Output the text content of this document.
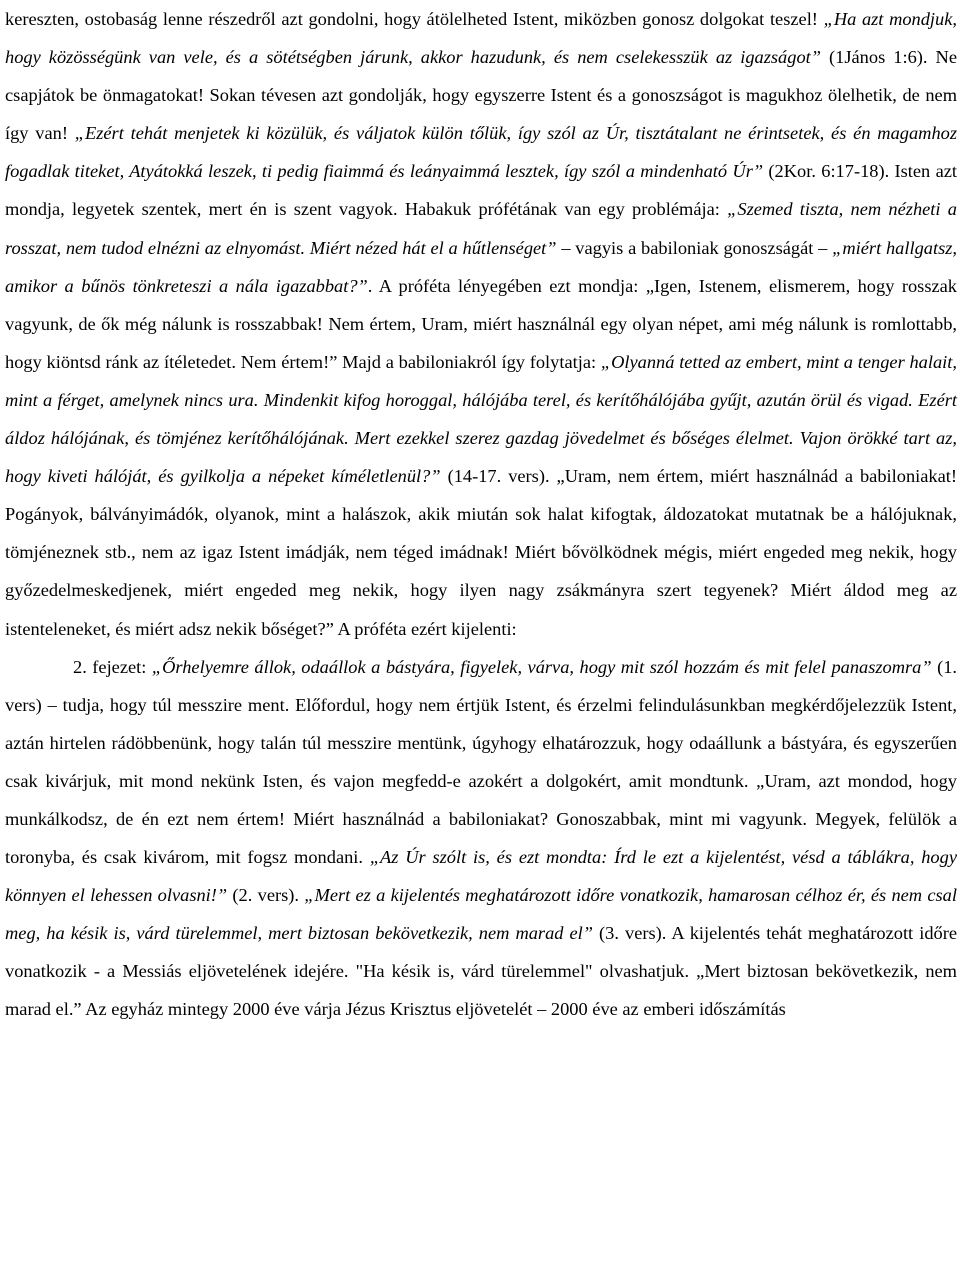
kereszten, ostobaság lenne részedről azt gondolni, hogy átölelheted Istent, miközben gonosz dolgokat teszel! „Ha azt mondjuk, hogy közösségünk van vele, és a sötétségben járunk, akkor hazudunk, és nem cselekesszük az igazságot” (1János 1:6). Ne csapjátok be önmagatokat! Sokan tévesen azt gondolják, hogy egyszerre Istent és a gonoszságot is magukhoz ölelhetik, de nem így van! „Ezért tehát menjetek ki közülük, és váljatok külön tőlük, így szól az Úr, tisztátalant ne érintsetek, és én magamhoz fogadlak titeket, Atyátokká leszek, ti pedig fiaimmá és leányaimmá lesztek, így szól a mindenható Úr” (2Kor. 6:17-18). Isten azt mondja, legyetek szentek, mert én is szent vagyok. Habakuk prófétának van egy problémája: „Szemed tiszta, nem nézheti a rosszat, nem tudod elnézni az elnyomást. Miért nézed hát el a hűtlenséget” – vagyis a babiloniak gonoszságát – „miért hallgatsz, amikor a bűnös tönkreteszi a nála igazabbat?”. A próféta lényegében ezt mondja: „Igen, Istenem, elismerem, hogy rosszak vagyunk, de ők még nálunk is rosszabbak! Nem értem, Uram, miért használnál egy olyan népet, ami még nálunk is romlottabb, hogy kiöntsd ránk az ítéletedet. Nem értem!” Majd a babiloniakról így folytatja: „Olyanná tetted az embert, mint a tenger halait, mint a férget, amelynek nincs ura. Mindenkit kifog horoggal, hálójába terel, és kerítőhálójába gyűjt, azután örül és vigad. Ezért áldoz hálójának, és tömjénez kerítőhálójának. Mert ezekkel szerez gazdag jövedelmet és bőséges élelmet. Vajon örökké tart az, hogy kiveti hálóját, és gyilkolja a népeket kíméletlenül?” (14-17. vers). „Uram, nem értem, miért használnád a babiloniakat! Pogányok, bálványimádók, olyanok, mint a halászok, akik miután sok halat kifogtak, áldozatokat mutatnak be a hálójuknak, tömjéneznek stb., nem az igaz Istent imádják, nem téged imádnak! Miért bővölködnek mégis, miért engeded meg nekik, hogy győzedelmeskedjenek, miért engeded meg nekik, hogy ilyen nagy zsákmányra szert tegyenek? Miért áldod meg az istenteleneket, és miért adsz nekik bőséget?” A próféta ezért kijelenti:

2. fejezet: „Őrhelyemre állok, odaállok a bástyára, figyelek, várva, hogy mit szól hozzám és mit felel panaszomra” (1. vers) – tudja, hogy túl messzire ment. Előfordul, hogy nem értjük Istent, és érzelmi felindulásunkban megkérdőjelezzük Istent, aztán hirtelen rádöbbenünk, hogy talán túl messzire mentünk, úgyhogy elhatározzuk, hogy odaállunk a bástyára, és egyszerűen csak kivárjuk, mit mond nekünk Isten, és vajon megfedd-e azokért a dolgokért, amit mondtunk. „Uram, azt mondod, hogy munkálkodsz, de én ezt nem értem! Miért használnád a babiloniakat? Gonoszabbak, mint mi vagyunk. Megyek, felülök a toronyba, és csak kivárom, mit fogsz mondani. „Az Úr szólt is, és ezt mondta: Írd le ezt a kijelentést, vésd a táblákra, hogy könnyen el lehessen olvasni!” (2. vers). „Mert ez a kijelentés meghatározott időre vonatkozik, hamarosan célhoz ér, és nem csal meg, ha késik is, várd türelemmel, mert biztosan bekövetkezik, nem marad el” (3. vers). A kijelentés tehát meghatározott időre vonatkozik - a Messiás eljövetelének idejére. "Ha késik is, várd türelemmel" olvashatjuk. „Mert biztosan bekövetkezik, nem marad el.” Az egyház mintegy 2000 éve várja Jézus Krisztus eljövetelét – 2000 éve az emberi időszámítás
